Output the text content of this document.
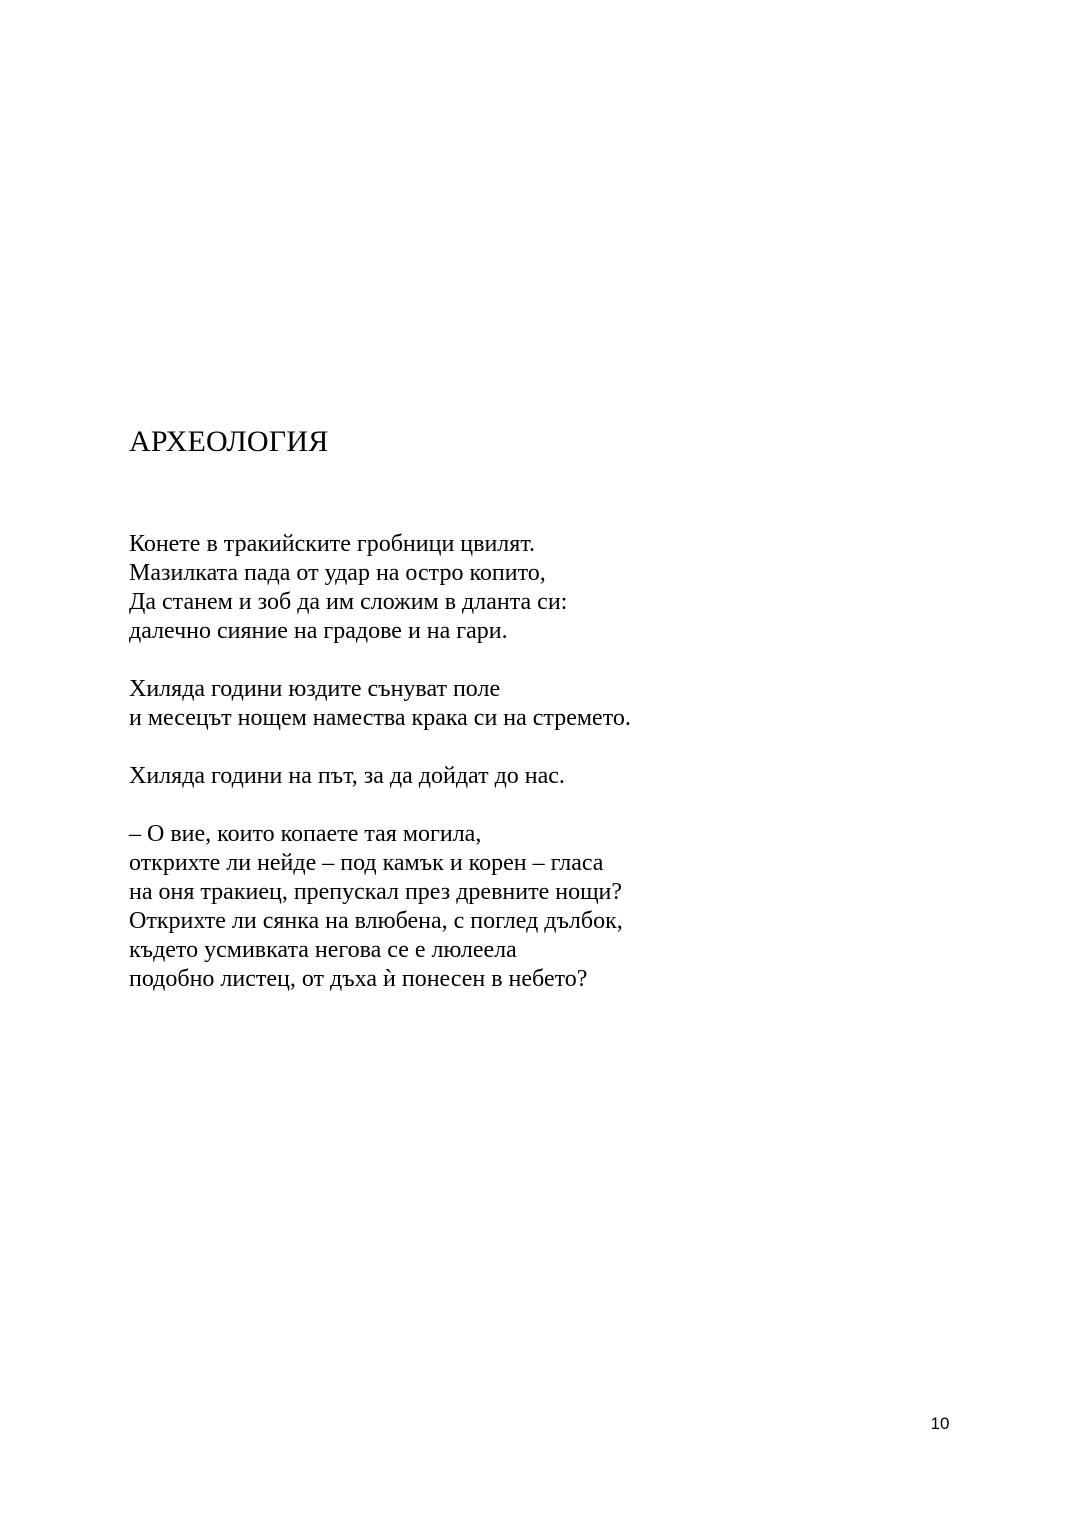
АРХЕОЛОГИЯ
Конете в тракийските гробници цвилят.
Мазилката пада от удар на остро копито,
Да станем и зоб да им сложим в дланта си:
далечно сияние на градове и на гари.
Хиляда години юздите сънуват поле
и месецът нощем намества крака си на стремето.
Хиляда години на път, за да дойдат до нас.
– О вие, които копаете тая могила,
открихте ли нейде – под камък и корен – гласа
на оня тракиец, препускал през древните нощи?
Открихте ли сянка на влюбена, с поглед дълбок,
където усмивката негова се е люлеела
подобно листец, от дъха ѝ понесен в небето?
10
